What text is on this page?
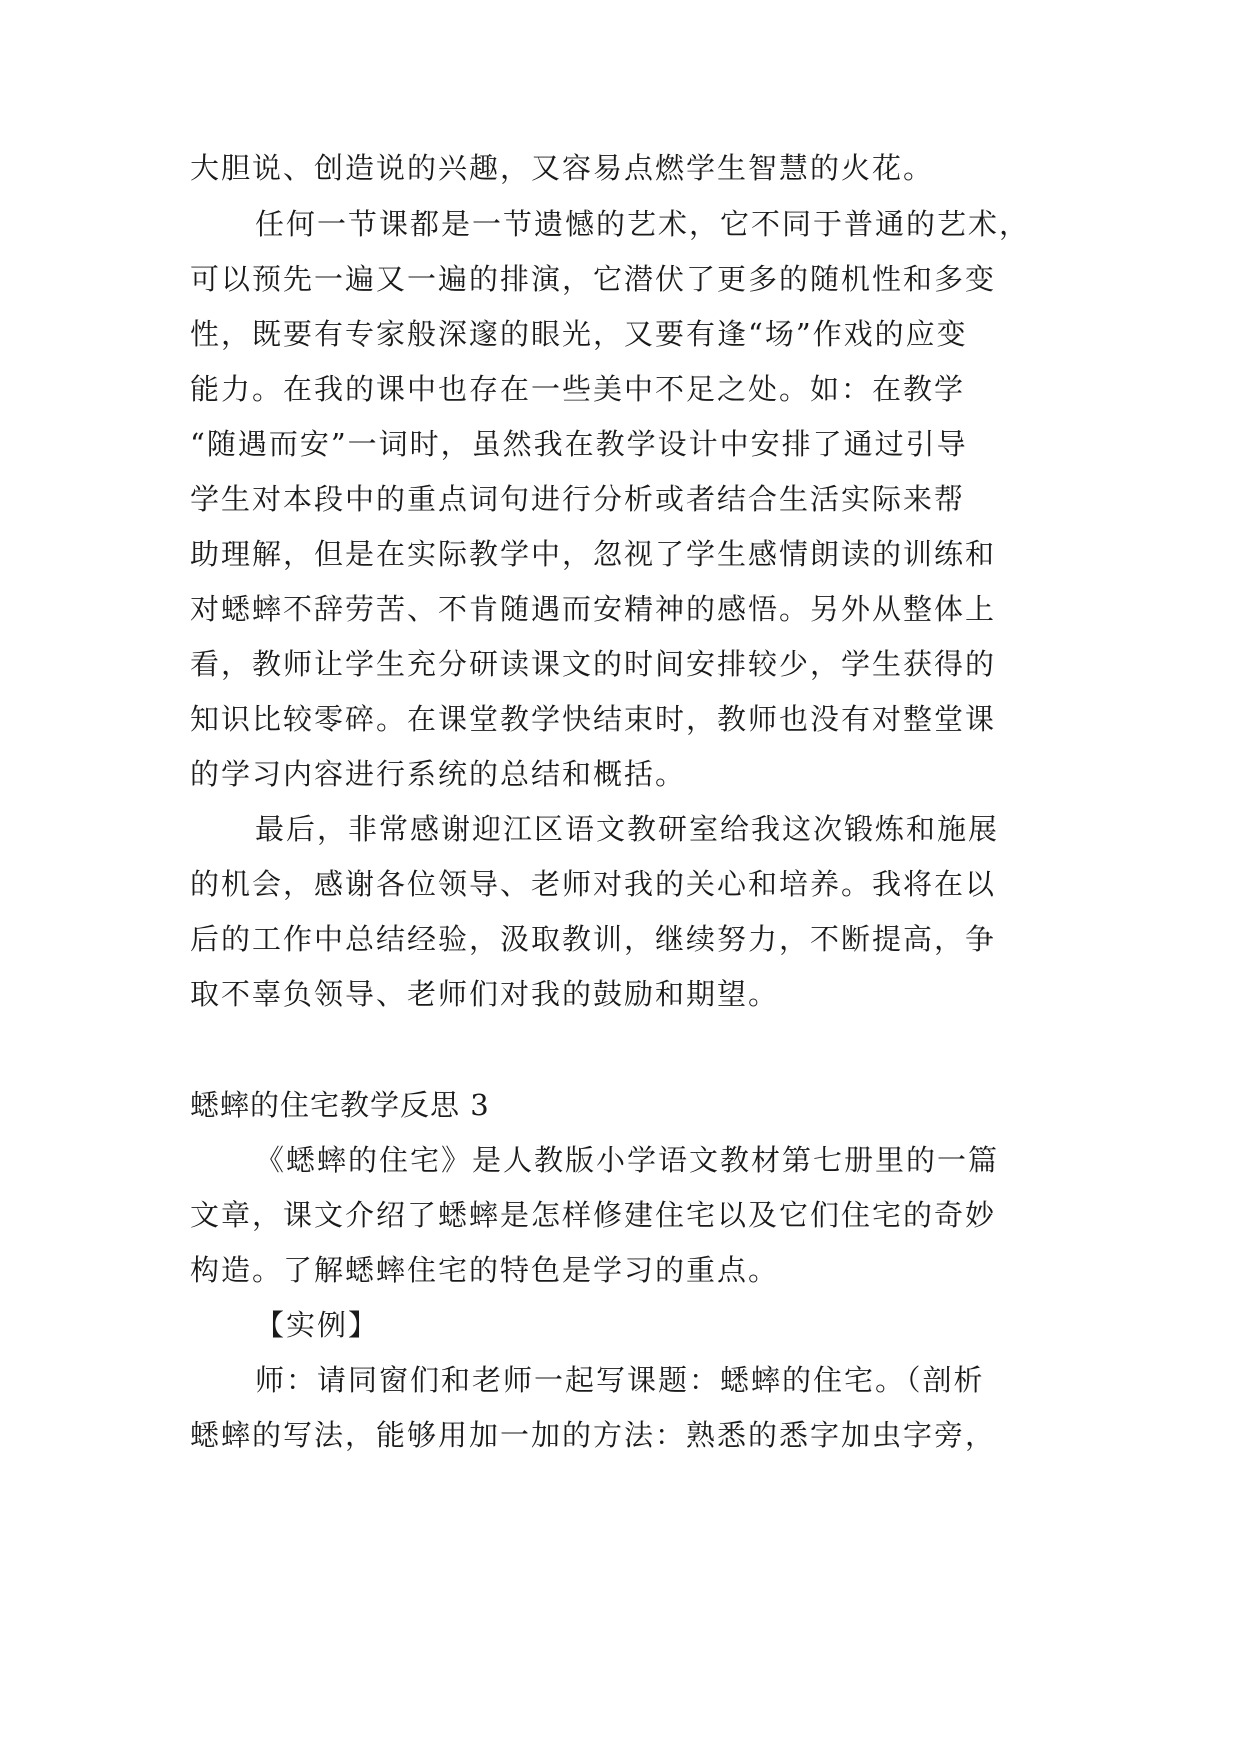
大胆说、创造说的兴趣，又容易点燃学生智慧的火花。
任何一节课都是一节遗憾的艺术，它不同于普通的艺术，
可以预先一遍又一遍的排演，它潜伏了更多的随机性和多变
性，既要有专家般深邃的眼光，又要有逢“场”作戏的应变
能力。在我的课中也存在一些美中不足之处。如：在教学
“随遇而安”一词时，虽然我在教学设计中安排了通过引导
学生对本段中的重点词句进行分析或者结合生活实际来帮
助理解，但是在实际教学中，忽视了学生感情朗读的训练和
对蟋蟀不辞劳苦、不肯随遇而安精神的感悟。另外从整体上
看，教师让学生充分研读课文的时间安排较少，学生获得的
知识比较零碎。在课堂教学快结束时，教师也没有对整堂课
的学习内容进行系统的总结和概括。
最后，非常感谢迎江区语文教研室给我这次锻炼和施展
的机会，感谢各位领导、老师对我的关心和培养。我将在以
后的工作中总结经验，汲取教训，继续努力，不断提高，争
取不辜负领导、老师们对我的鼓励和期望。
蟋蟀的住宅教学反思 3
《蟋蟀的住宅》是人教版小学语文教材第七册里的一篇
文章，课文介绍了蟋蟀是怎样修建住宅以及它们住宅的奇妙
构造。了解蟋蟀住宅的特色是学习的重点。
【实例】
师：请同窗们和老师一起写课题：蟋蟀的住宅。（剖析
蟋蟀的写法，能够用加一加的方法：熟悉的悉字加虫字旁，
